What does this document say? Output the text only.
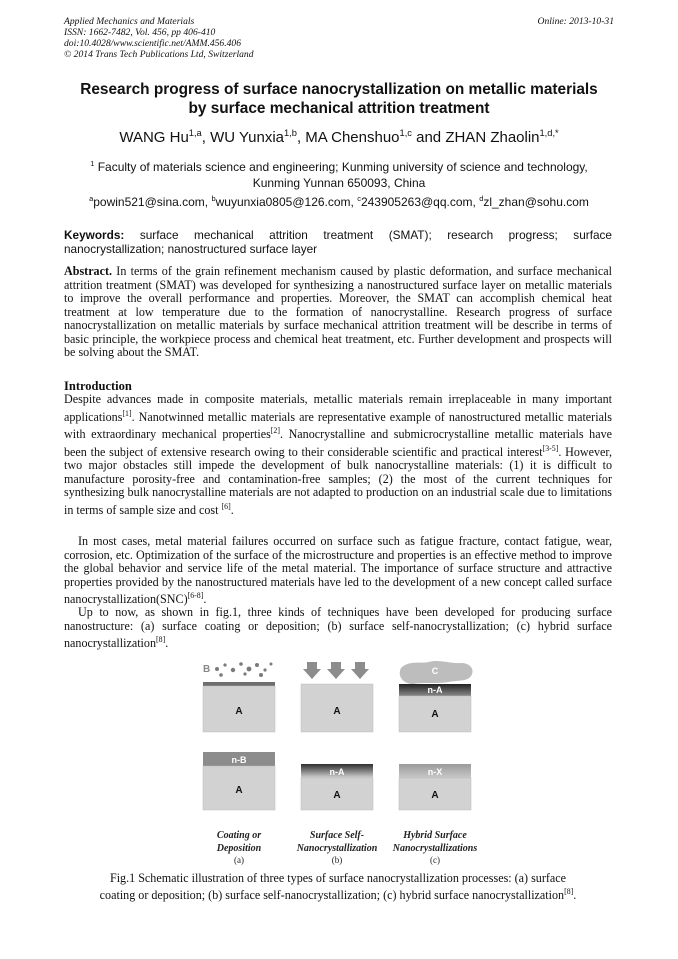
Applied Mechanics and Materials
ISSN: 1662-7482, Vol. 456, pp 406-410
doi:10.4028/www.scientific.net/AMM.456.406
© 2014 Trans Tech Publications Ltd, Switzerland
Online: 2013-10-31
Research progress of surface nanocrystallization on metallic materials
by surface mechanical attrition treatment
WANG Hu$^{1,a}$, WU Yunxia$^{1,b}$, MA Chenshuo$^{1,c}$ and ZHAN Zhaolin$^{1,d,*}$
$^1$ Faculty of materials science and engineering; Kunming university of science and technology,
Kunming Yunnan 650093, China
$^a$powin521@sina.com, $^b$wuyunxia0805@126.com, $^c$243905263@qq.com, $^d$zl_zhan@sohu.com
Keywords: surface mechanical attrition treatment (SMAT); research progress; surface nanocrystallization; nanostructured surface layer

Abstract. In terms of the grain refinement mechanism caused by plastic deformation, and surface mechanical attrition treatment (SMAT) was developed for synthesizing a nanostructured surface layer on metallic materials to improve the overall performance and properties. Moreover, the SMAT can accomplish chemical heat treatment at low temperature due to the formation of nanocrystalline. Research progress of surface nanocrystallization on metallic materials by surface mechanical attrition treatment will be describe in terms of basic principle, the workpiece process and chemical heat treatment, etc. Further development and prospects will be solving about the SMAT.

Introduction

Despite advances made in composite materials, metallic materials remain irreplaceable in many important applications[1]. Nanotwinned metallic materials are representative example of nanostructured metallic materials with extraordinary mechanical properties[2]. Nanocrystalline and submicrocrystalline metallic materials have been the subject of extensive research owing to their considerable scientific and practical interest[3-5]. However, two major obstacles still impede the development of bulk nanocrystalline materials: (1) it is difficult to manufacture porosity-free and contamination-free samples; (2) the most of the current techniques for synthesizing bulk nanocrystalline materials are not adapted to production on an industrial scale due to limitations in terms of sample size and cost [6].

In most cases, metal material failures occurred on surface such as fatigue fracture, contact fatigue, wear, corrosion, etc. Optimization of the surface of the microstructure and properties is an effective method to improve the global behavior and service life of the metal material. The importance of surface structure and attractive properties provided by the nanostructured materials have led to the development of a new concept called surface nanocrystallization(SNC)[6-8].

Up to now, as shown in fig.1, three kinds of techniques have been developed for producing surface nanostructure: (a) surface coating or deposition; (b) surface self-nanocrystallization; (c) hybrid surface nanocrystallization[8].

B
A	A
C
n-A
A
n-B
A
n-A
A
n-X
A
Coating or
Deposition
Surface Self-
Nanocrystallization
Hybrid Surface
Nanocrystallizations
(a)	(b)	(c)
Fig.1 Schematic illustration of three types of surface nanocrystallization processes: (a) surface
coating or deposition; (b) surface self-nanocrystallization; (c) hybrid surface nanocrystallization[8].
